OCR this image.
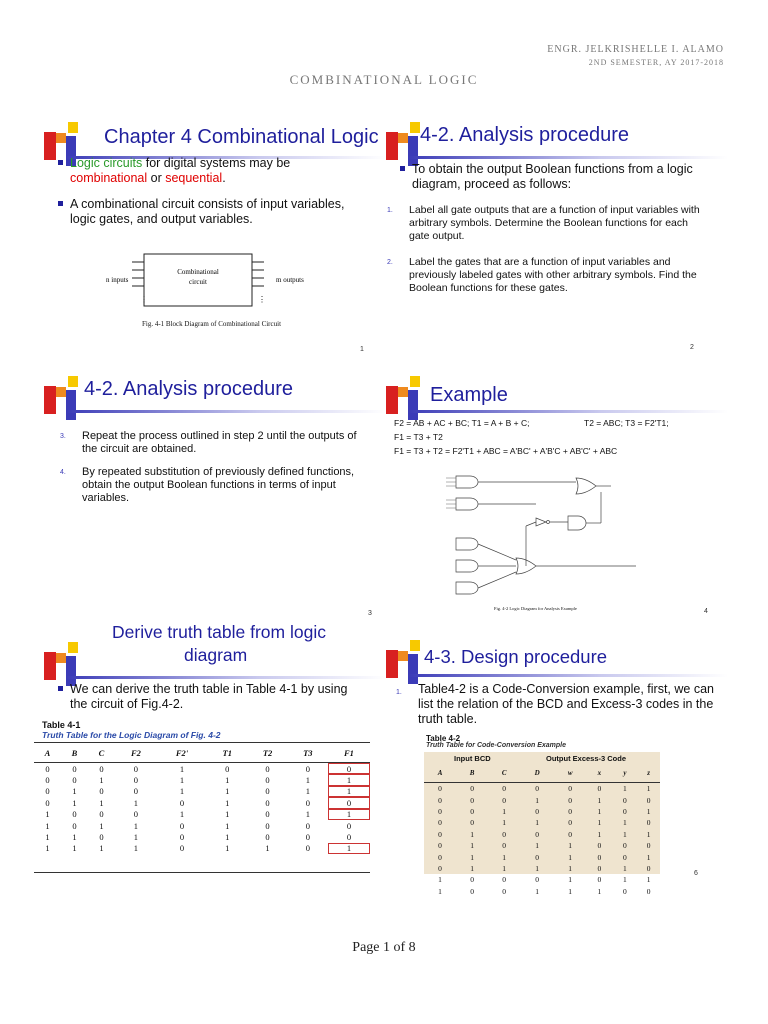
ENGR. JELKRISHELLE I. ALAMO
2ND SEMESTER, AY 2017-2018
COMBINATIONAL LOGIC
Chapter 4 Combinational Logic
Logic circuits for digital systems may be combinational or sequential.
A combinational circuit consists of input variables, logic gates, and output variables.
⋮	⋮
Combinational
circuit
n inputs	m outputs
Fig. 4-1 Block Diagram of Combinational Circuit
1
4-2. Analysis procedure
To obtain the output Boolean functions from a logic diagram, proceed as follows:
1. Label all gate outputs that are a function of input variables with arbitrary symbols. Determine the Boolean functions for each gate output.
2. Label the gates that are a function of input variables and previously labeled gates with other arbitrary symbols. Find the Boolean functions for these gates.
2
4-2. Analysis procedure
3. Repeat the process outlined in step 2 until the outputs of the circuit are obtained.
4. By repeated substitution of previously defined functions, obtain the output Boolean functions in terms of input variables.
3
Example
F2 = AB + AC + BC; T1 = A + B + C;	T2 = ABC; T3 = F2'T1;
F1 = T3 + T2
F1 = T3 + T2 = F2'T1 + ABC = A'BC' + A'B'C + AB'C' + ABC
Fig. 4-2 Logic Diagram for Analysis Example	4
Derive truth table from logic
diagram
We can derive the truth table in Table 4-1 by using the circuit of Fig.4-2.
Table 4-1
Truth Table for the Logic Diagram of Fig. 4-2
A	B	C	F2	F2'	T1	T2	T3	F1
0	0	0	0	1	0	0	0	0
0	0	1	0	1	1	0	1	1
0	1	0	0	1	1	0	1	1
0	1	1	1	0	1	0	0	0
1	0	0	0	1	1	0	1	1
1	0	1	1	0	1	0	0	0
1	1	0	1	0	1	0	0	0
1	1	1	1	0	1	1	0	1
4-3. Design procedure
1. Table4-2 is a Code-Conversion example, first, we can list the relation of the BCD and Excess-3 codes in the truth table.
Table 4-2
Truth Table for Code-Conversion Example
Input BCD	Output Excess-3 Code
A	B	C	D	w	x	y	z
0	0	0	0	0	0	1	1
0	0	0	1	0	1	0	0
0	0	1	0	0	1	0	1
0	0	1	1	0	1	1	0
0	1	0	0	0	1	1	1
0	1	0	1	1	0	0	0
0	1	1	0	1	0	0	1
0	1	1	1	1	0	1	0
1	0	0	0	1	0	1	1
1	0	0	1	1	1	0	0
6
Page 1 of 8
